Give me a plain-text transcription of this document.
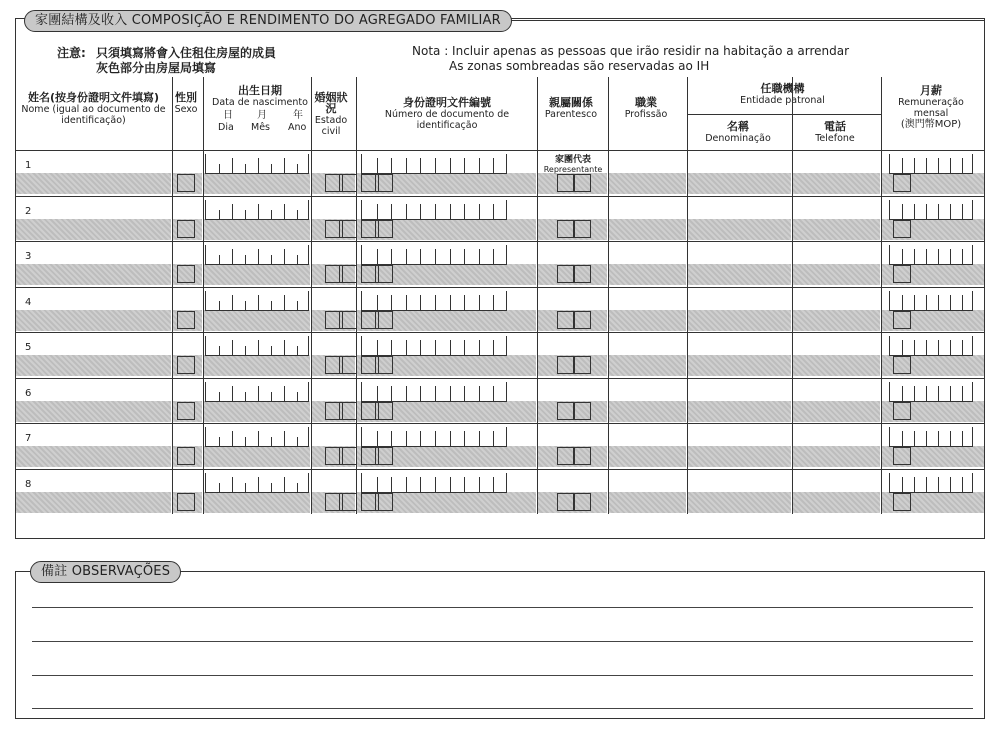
家團結構及收入 COMPOSIÇÃO E RENDIMENTO DO AGREGADO FAMILIAR
注意: 只須填寫將會入住租住房屋的成員
灰色部分由房屋局填寫
Nota : Incluir apenas as pessoas que irão residir na habitação a arrendar
As zonas sombreadas são reservadas ao IH
姓名(按身份證明文件填寫)
Nome (igual ao documento de identificação)
性別
Sexo
出生日期
Data de nascimento
日 月	年
Dia Mês Ano
婚姻狀況
Estado civil
身份證明文件編號
Número de documento de identificação
親屬關係
Parentesco
職業
Profissão
任職機構
Entidade patronal
名稱
Denominação
電話
Telefone
月薪
Remuneração mensal
(澳門幣MOP)
1
2
3
4
5
6
7
8
家團代表
Representante
備註 OBSERVAÇÕES
